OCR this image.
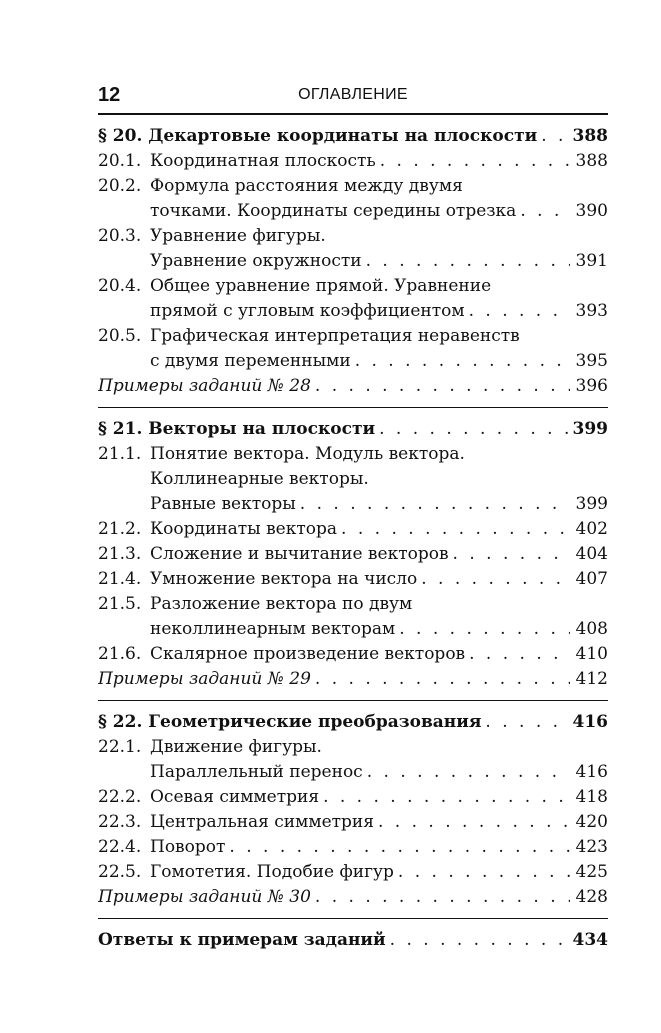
12	ОГЛАВЛЕНИЕ
§ 20. Декартовые координаты на плоскости . . . 388
20.1. Координатная плоскость . . .	388
20.2. Формула расстояния между двумя
точками. Координаты середины отрезка . . .	390
20.3. Уравнение фигуры.
Уравнение окружности . . .	391
20.4. Общее уравнение прямой. Уравнение
прямой с угловым коэффициентом . . .	393
20.5. Графическая интерпретация неравенств
с двумя переменными . . .	395
Примеры заданий № 28 . . .	396
§ 21. Векторы на плоскости . . .	399
21.1. Понятие вектора. Модуль вектора.
Коллинеарные векторы.
Равные векторы . . .	399
21.2. Координаты вектора . . .	402
21.3. Сложение и вычитание векторов . . .	404
21.4. Умножение вектора на число . . .	407
21.5. Разложение вектора по двум
неколлинеарным векторам . . .	408
21.6. Скалярное произведение векторов . . .	410
Примеры заданий № 29 . . .	412
§ 22. Геометрические преобразования . . .	416
22.1. Движение фигуры.
Параллельный перенос . . .	416
22.2. Осевая симметрия . . .	418
22.3. Центральная симметрия . . .	420
22.4. Поворот . . .	423
22.5. Гомотетия. Подобие фигур . . .	425
Примеры заданий № 30 . . .	428
Ответы к примерам заданий . . .	434
